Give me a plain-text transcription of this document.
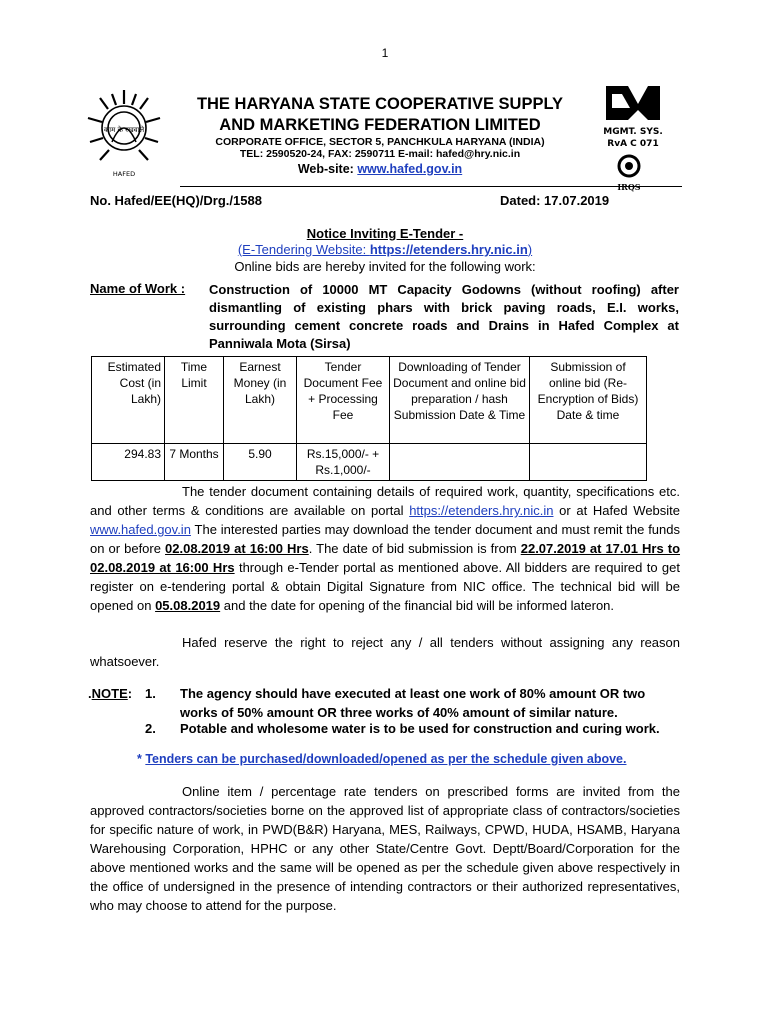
1
काम के रखवाले
HAFED
MGMT. SYS.
RvA C 071
IRQS
THE HARYANA STATE COOPERATIVE SUPPLY
AND MARKETING FEDERATION LIMITED
CORPORATE OFFICE, SECTOR 5, PANCHKULA HARYANA (INDIA)
TEL: 2590520-24, FAX: 2590711 E-mail: hafed@hry.nic.in
Web-site: www.hafed.gov.in
No. Hafed/EE(HQ)/Drg./1588	Dated: 17.07.2019
Notice Inviting E-Tender -
(E-Tendering Website: https://etenders.hry.nic.in)
Online bids are hereby invited for the following work:
Name of Work : Construction of 10000 MT Capacity Godowns (without roofing) after dismantling of existing phars with brick paving roads, E.I. works, surrounding cement concrete roads and Drains in Hafed Complex at Panniwala Mota (Sirsa)
Estimated Cost (in Lakh)	Time Limit	Earnest Money (in Lakh)	Tender Document Fee + Processing Fee	Downloading of Tender Document and online bid preparation / hash Submission Date & Time	Submission of online bid (Re-Encryption of Bids) Date & time
294.83	7 Months	5.90	Rs.15,000/- + Rs.1,000/-		
The tender document containing details of required work, quantity, specifications etc. and other terms & conditions are available on portal https://etenders.hry.nic.in or at Hafed Website www.hafed.gov.in The interested parties may download the tender document and must remit the funds on or before 02.08.2019 at 16:00 Hrs. The date of bid submission is from 22.07.2019 at 17.01 Hrs to 02.08.2019 at 16:00 Hrs through e-Tender portal as mentioned above. All bidders are required to get register on e-tendering portal & obtain Digital Signature from NIC office. The technical bid will be opened on 05.08.2019 and the date for opening of the financial bid will be informed lateron.
Hafed reserve the right to reject any / all tenders without assigning any reason whatsoever.
.NOTE: 1. The agency should have executed at least one work of 80% amount OR two works of 50% amount OR three works of 40% amount of similar nature.
2. Potable and wholesome water is to be used for construction and curing work.
* Tenders can be purchased/downloaded/opened as per the schedule given above.
Online item / percentage rate tenders on prescribed forms are invited from the approved contractors/societies borne on the approved list of appropriate class of contractors/societies for specific nature of work, in PWD(B&R) Haryana, MES, Railways, CPWD, HUDA, HSAMB, Haryana Warehousing Corporation, HPHC or any other State/Centre Govt. Deptt/Board/Corporation for the above mentioned works and the same will be opened as per the schedule given above respectively in the office of undersigned in the presence of intending contractors or their authorized representatives, who may choose to attend for the purpose.
